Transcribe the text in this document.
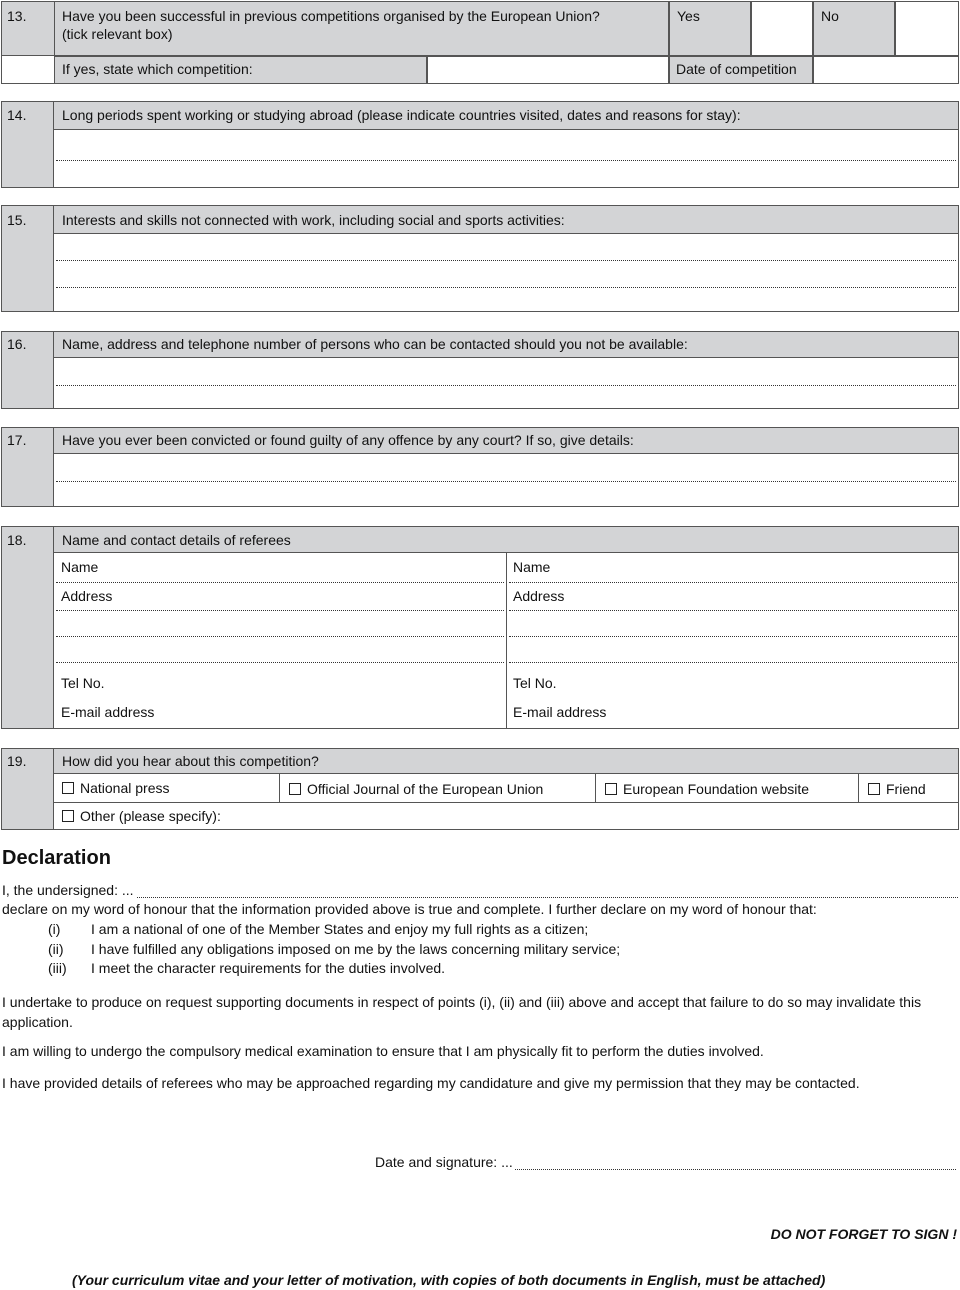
13.	Have you been successful in previous competitions organised by the European Union?
(tick relevant box)
Yes	No
If yes, state which competition:	Date of competition
14.	Long periods spent working or studying abroad (please indicate countries visited, dates and reasons for stay):
15.	Interests and skills not connected with work, including social and sports activities:
16.	Name, address and telephone number of persons who can be contacted should you not be available:
17.	Have you ever been convicted or found guilty of any offence by any court? If so, give details:
18.	Name and contact details of referees
Name
Address
Tel No.
E-mail address
Name
Address
Tel No.
E-mail address
19.	How did you hear about this competition?
National press	Official Journal of the European Union	European Foundation website	Friend
Other (please specify):
Declaration
I, the undersigned: ...
declare on my word of honour that the information provided above is true and complete. I further declare on my word of honour that:
(i) I am a national of one of the Member States and enjoy my full rights as a citizen;
(ii) I have fulfilled any obligations imposed on me by the laws concerning military service;
(iii) I meet the character requirements for the duties involved.
I undertake to produce on request supporting documents in respect of points (i), (ii) and (iii) above and accept that failure to do so may invalidate this application.
I am willing to undergo the compulsory medical examination to ensure that I am physically fit to perform the duties involved.
I have provided details of referees who may be approached regarding my candidature and give my permission that they may be contacted.
Date and signature: ...
DO NOT FORGET TO SIGN !
(Your curriculum vitae and your letter of motivation, with copies of both documents in English, must be attached)
